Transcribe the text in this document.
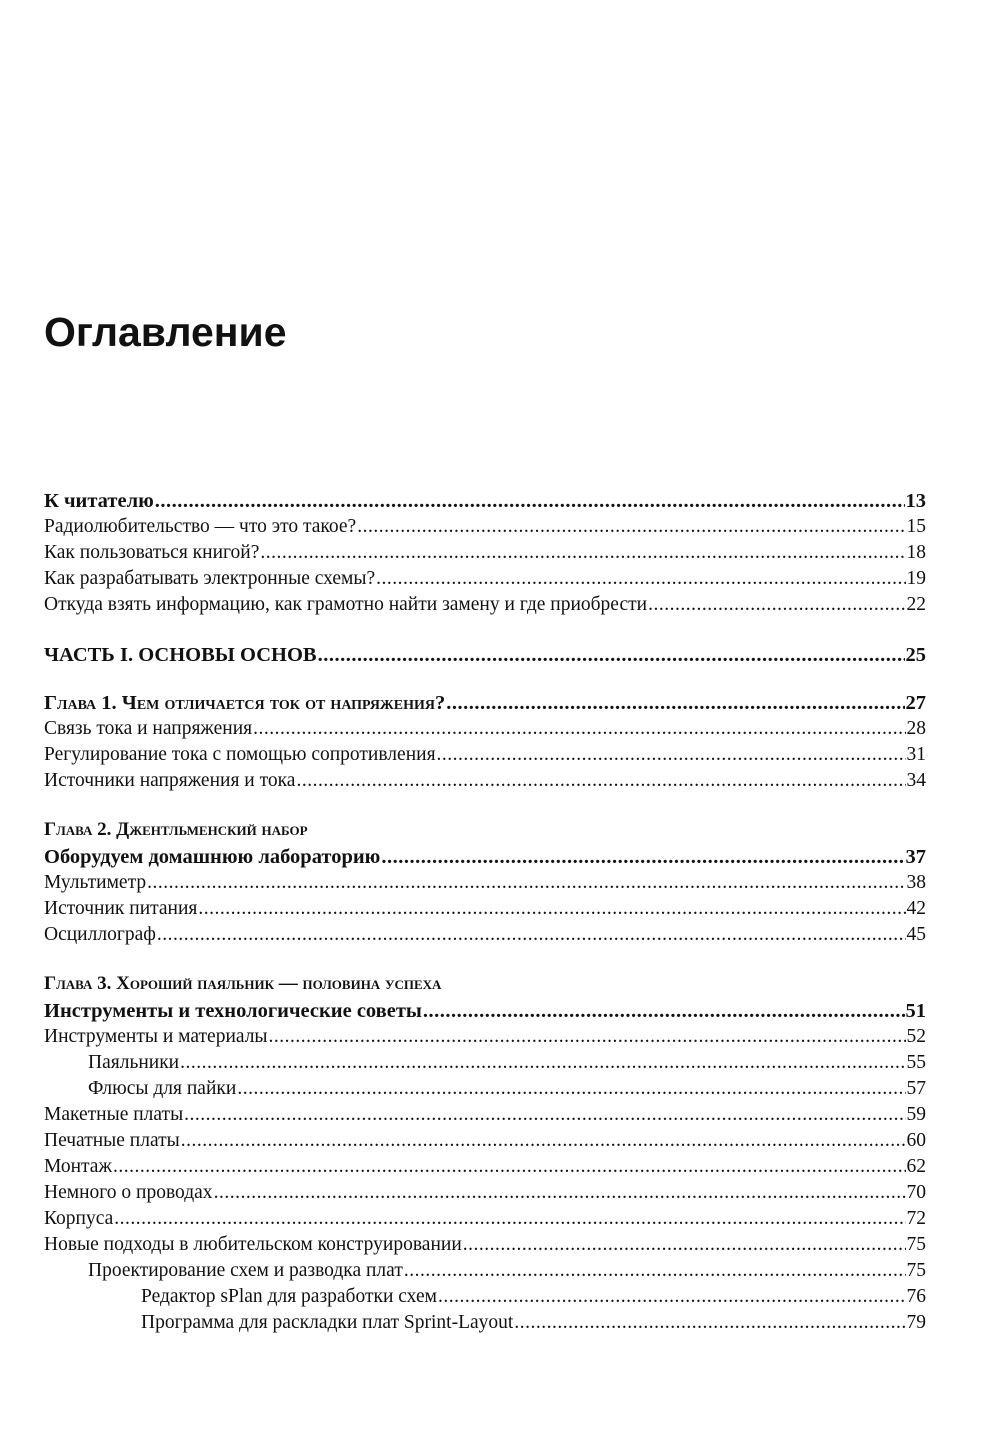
Оглавление
К читателю .....	13
Радиолюбительство — что это такое? .....	15
Как пользоваться книгой? .....	18
Как разрабатывать электронные схемы? .....	19
Откуда взять информацию, как грамотно найти замену и где приобрести .....	22
ЧАСТЬ I. ОСНОВЫ ОСНОВ .....	25
Глава 1. Чем отличается ток от напряжения? .....	27
Связь тока и напряжения .....	28
Регулирование тока с помощью сопротивления .....	31
Источники напряжения и тока .....	34
Глава 2. Джентльменский набор
Оборудуем домашнюю лабораторию .....	37
Мультиметр .....	38
Источник питания .....	42
Осциллограф .....	45
Глава 3. Хороший паяльник — половина успеха
Инструменты и технологические советы .....	51
Инструменты и материалы .....	52
Паяльники .....	55
Флюсы для пайки .....	57
Макетные платы .....	59
Печатные платы .....	60
Монтаж .....	62
Немного о проводах .....	70
Корпуса .....	72
Новые подходы в любительском конструировании .....	75
Проектирование схем и разводка плат .....	75
Редактор sPlan для разработки схем .....	76
Программа для раскладки плат Sprint-Layout .....	79
